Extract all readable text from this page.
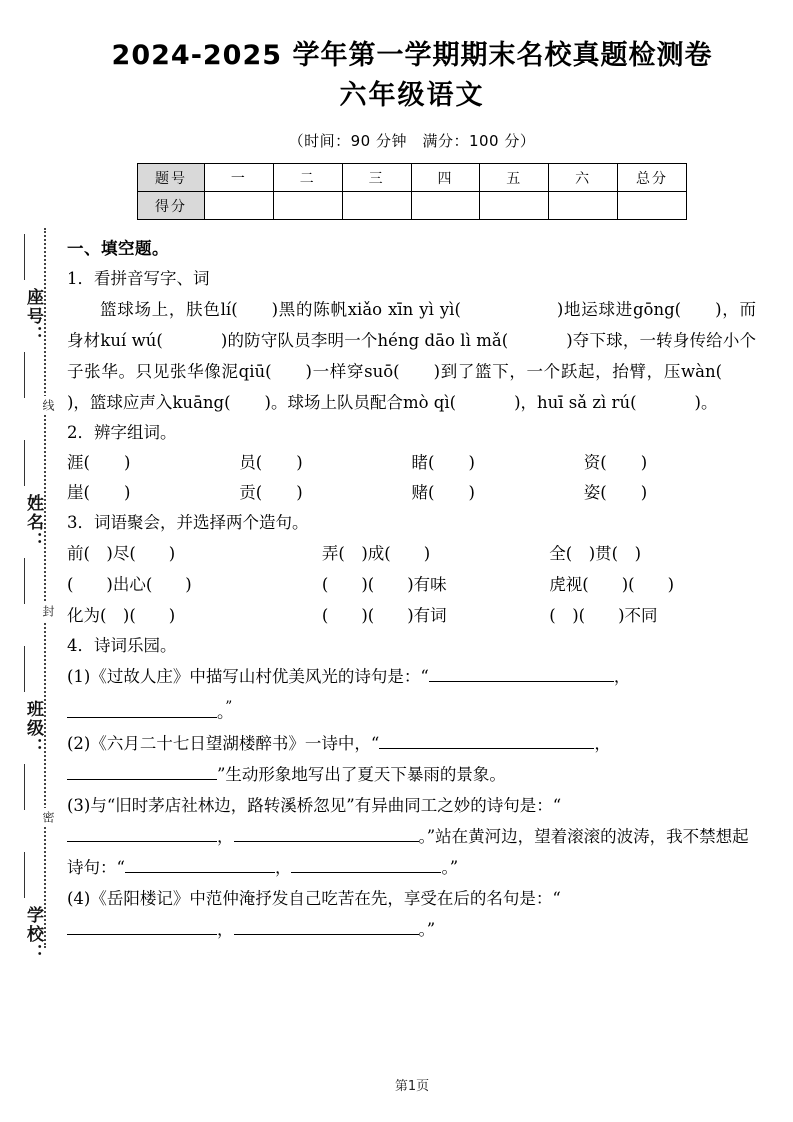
座号：
线
姓名：
封
班级：
密
学校：
2024-2025 学年第一学期期末名校真题检测卷
六年级语文
（时间：90 分钟　满分：100 分）
题号	一	二	三	四	五	六	总分
得分							
一、填空题。
1．看拼音写字、词
篮球场上，肤色lí( )黑的陈帆xiǎo xīn yì yì(	)地运球进gōng( )，而身材kuí wú(	)的防守队员李明一个héng dāo lì mǎ(	)夺下球，一转身传给小个子张华。只见张华像泥qiū( )一样穿suō( )到了篮下，一个跃起，抬臂，压wàn()，篮球应声入kuāng( )。球场上队员配合mò qì(	)，huī sǎ zì rú(	)。
2．辨字组词。
涯( )	员( )	睹( )	资( )
崖( )	贡( )	赌( )	姿( )
3．词语聚会，并选择两个造句。
前(　)尽(　　)	弄(　)成(　　)	全(　)贯(　)
(　　)出心(　　)	(　　)(　　)有味	虎视(　　)(　　)
化为(　)(　　)	(　　)(　　)有词	(　)(　　)不同
4．诗词乐园。
(1)《过故人庄》中描写山村优美风光的诗句是：“	，
。”
(2)《六月二十七日望湖楼醉书》一诗中，“	，
”生动形象地写出了夏天下暴雨的景象。
(3)与“旧时茅店社林边，路转溪桥忽见”有异曲同工之妙的诗句是：“
，	。”站在黄河边，望着滚滚的波涛，我不禁想起诗句：“	，	。”
(4)《岳阳楼记》中范仲淹抒发自己吃苦在先，享受在后的名句是：“
，	。”
第1页
